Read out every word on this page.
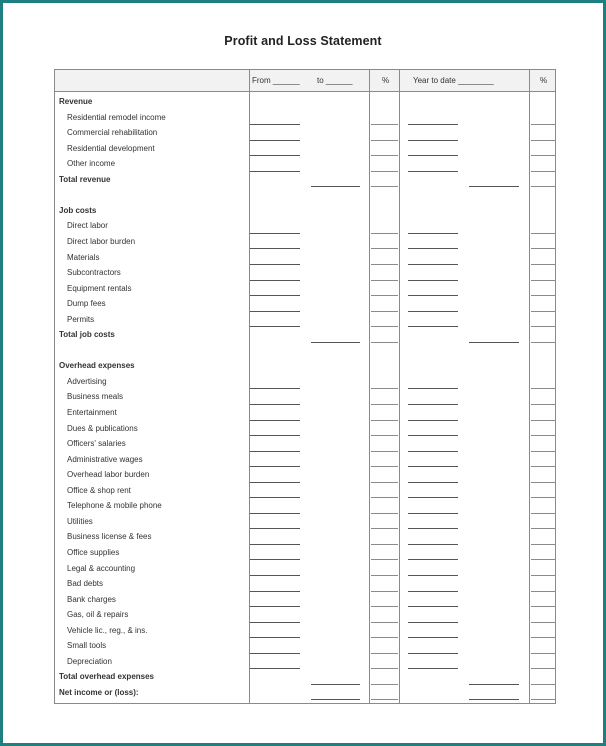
Profit and Loss Statement
From ______ to ______	%	Year to date ________	%
Revenue
Residential remodel income
Commercial rehabilitation
Residential development
Other income
Total revenue
Job costs
Direct labor
Direct labor burden
Materials
Subcontractors
Equipment rentals
Dump fees
Permits
Total job costs
Overhead expenses
Advertising
Business meals
Entertainment
Dues & publications
Officers' salaries
Administrative wages
Overhead labor burden
Office & shop rent
Telephone & mobile phone
Utilities
Business license & fees
Office supplies
Legal & accounting
Bad debts
Bank charges
Gas, oil & repairs
Vehicle lic., reg., & ins.
Small tools
Depreciation
Total overhead expenses
Net income or (loss):
